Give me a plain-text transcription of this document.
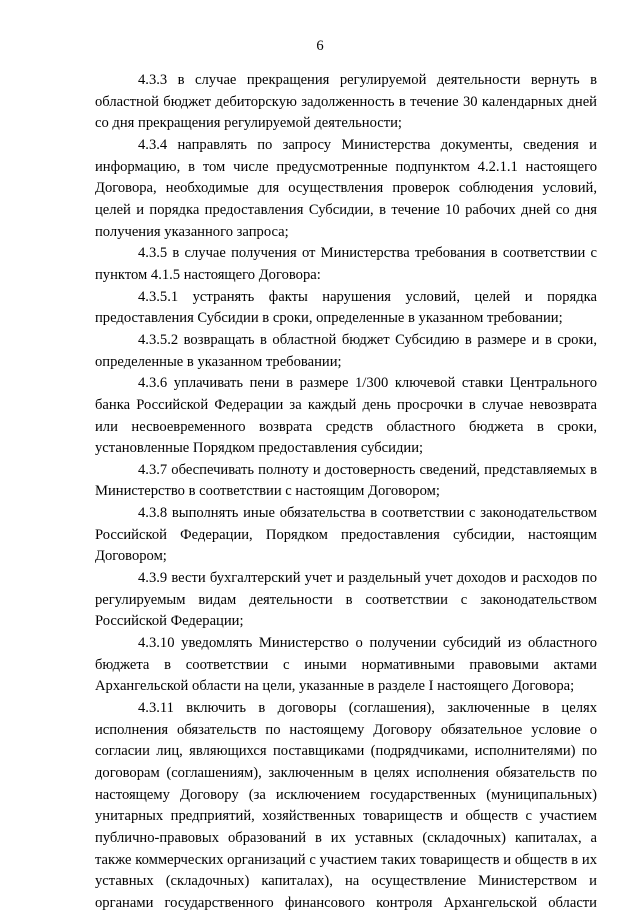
6

4.3.3 в случае прекращения регулируемой деятельности вернуть в областной бюджет дебиторскую задолженность в течение 30 календарных дней со дня прекращения регулируемой деятельности;

4.3.4 направлять по запросу Министерства документы, сведения и информацию, в том числе предусмотренные подпунктом 4.2.1.1 настоящего Договора, необходимые для осуществления проверок соблюдения условий, целей и порядка предоставления Субсидии, в течение 10 рабочих дней со дня получения указанного запроса;

4.3.5 в случае получения от Министерства требования в соответствии с пунктом 4.1.5 настоящего Договора:

4.3.5.1 устранять факты нарушения условий, целей и порядка предоставления Субсидии в сроки, определенные в указанном требовании;

4.3.5.2 возвращать в областной бюджет Субсидию в размере и в сроки, определенные в указанном требовании;

4.3.6 уплачивать пени в размере 1/300 ключевой ставки Центрального банка Российской Федерации за каждый день просрочки в случае невозврата или несвоевременного возврата средств областного бюджета в сроки, установленные Порядком предоставления субсидии;

4.3.7 обеспечивать полноту и достоверность сведений, представляемых в Министерство в соответствии с настоящим Договором;

4.3.8 выполнять иные обязательства в соответствии с законодательством Российской Федерации, Порядком предоставления субсидии, настоящим Договором;

4.3.9 вести бухгалтерский учет и раздельный учет доходов и расходов по регулируемым видам деятельности в соответствии с законодательством Российской Федерации;

4.3.10 уведомлять Министерство о получении субсидий из областного бюджета в соответствии с иными нормативными правовыми актами Архангельской области на цели, указанные в разделе I настоящего Договора;

4.3.11 включить в договоры (соглашения), заключенные в целях исполнения обязательств по настоящему Договору обязательное условие о согласии лиц, являющихся поставщиками (подрядчиками, исполнителями) по договорам (соглашениям), заключенным в целях исполнения обязательств по настоящему Договору (за исключением государственных (муниципальных) унитарных предприятий, хозяйственных товариществ и обществ с участием публично-правовых образований в их уставных (складочных) капиталах, а также коммерческих организаций с участием таких товариществ и обществ в их уставных (складочных) капиталах), на осуществление Министерством и органами государственного финансового контроля Архангельской области
